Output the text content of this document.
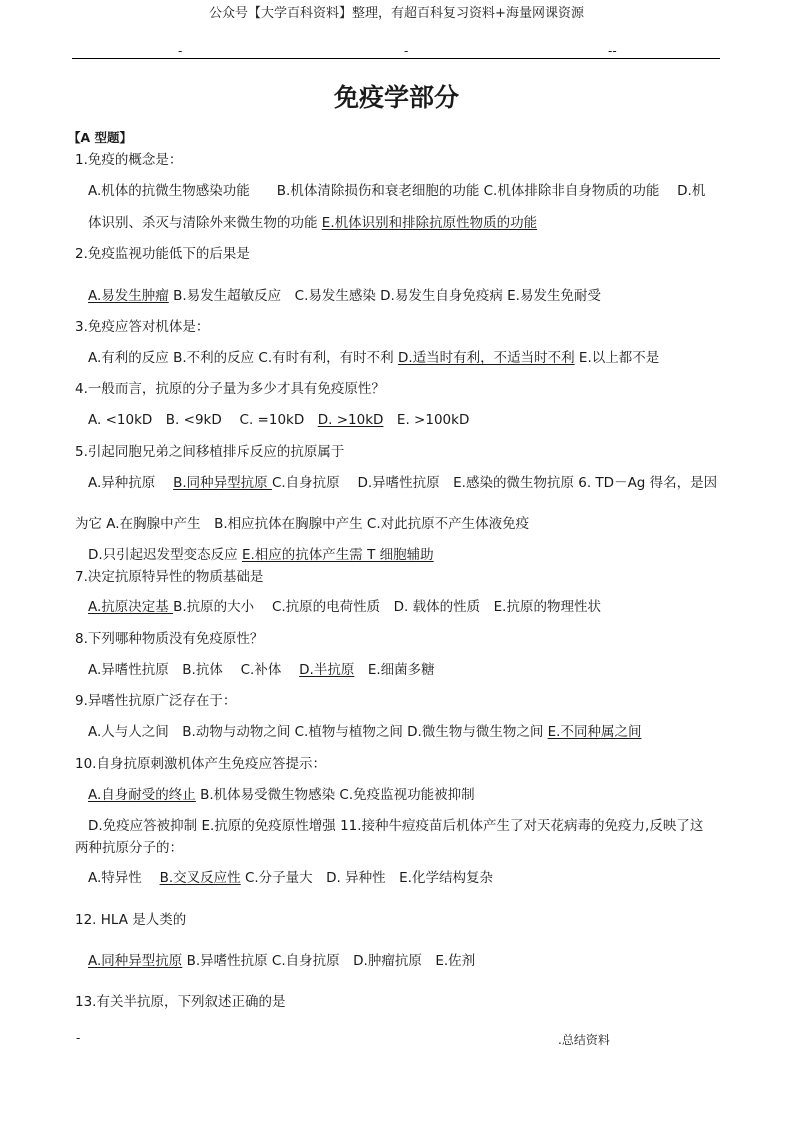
公众号【大学百科资料】整理，有超百科复习资料+海量网课资源
-	-	--
免疫学部分
【A 型题】
1.免疫的概念是：
A.机体的抗微生物感染功能　　B.机体清除损伤和衰老细胞的功能 C.机体排除非自身物质的功能　 D.机
体识别、杀灭与清除外来微生物的功能 E.机体识别和排除抗原性物质的功能
2.免疫监视功能低下的后果是
A.易发生肿瘤 B.易发生超敏反应　C.易发生感染 D.易发生自身免疫病 E.易发生免耐受
3.免疫应答对机体是：
A.有利的反应 B.不利的反应 C.有时有利，有时不利 D.适当时有利，不适当时不利 E.以上都不是
4.一般而言，抗原的分子量为多少才具有免疫原性？
A. <10kD　B. <9kD　 C. =10kD　D. >10kD　E. >100kD
5.引起同胞兄弟之间移植排斥反应的抗原属于
A.异种抗原　 B.同种异型抗原 C.自身抗原　 D.异嗜性抗原　E.感染的微生物抗原 6. TD－Ag 得名，是因
为它 A.在胸腺中产生　B.相应抗体在胸腺中产生 C.对此抗原不产生体液免疫
D.只引起迟发型变态反应 E.相应的抗体产生需 T 细胞辅助
7.决定抗原特异性的物质基础是
A.抗原决定基 B.抗原的大小　 C.抗原的电荷性质　D. 载体的性质　E.抗原的物理性状
8.下列哪种物质没有免疫原性？
A.异嗜性抗原　B.抗体　 C.补体　 D.半抗原　E.细菌多糖
9.异嗜性抗原广泛存在于：
A.人与人之间　B.动物与动物之间 C.植物与植物之间 D.微生物与微生物之间 E.不同种属之间
10.自身抗原刺激机体产生免疫应答提示：
A.自身耐受的终止 B.机体易受微生物感染 C.免疫监视功能被抑制
D.免疫应答被抑制 E.抗原的免疫原性增强 11.接种牛痘疫苗后机体产生了对天花病毒的免疫力,反映了这
两种抗原分子的：
A.特异性　 B.交叉反应性 C.分子量大　D. 异种性　E.化学结构复杂
12. HLA 是人类的
A.同种异型抗原 B.异嗜性抗原 C.自身抗原　D.肿瘤抗原　E.佐剂
13.有关半抗原，下列叙述正确的是
-	.总结资料
